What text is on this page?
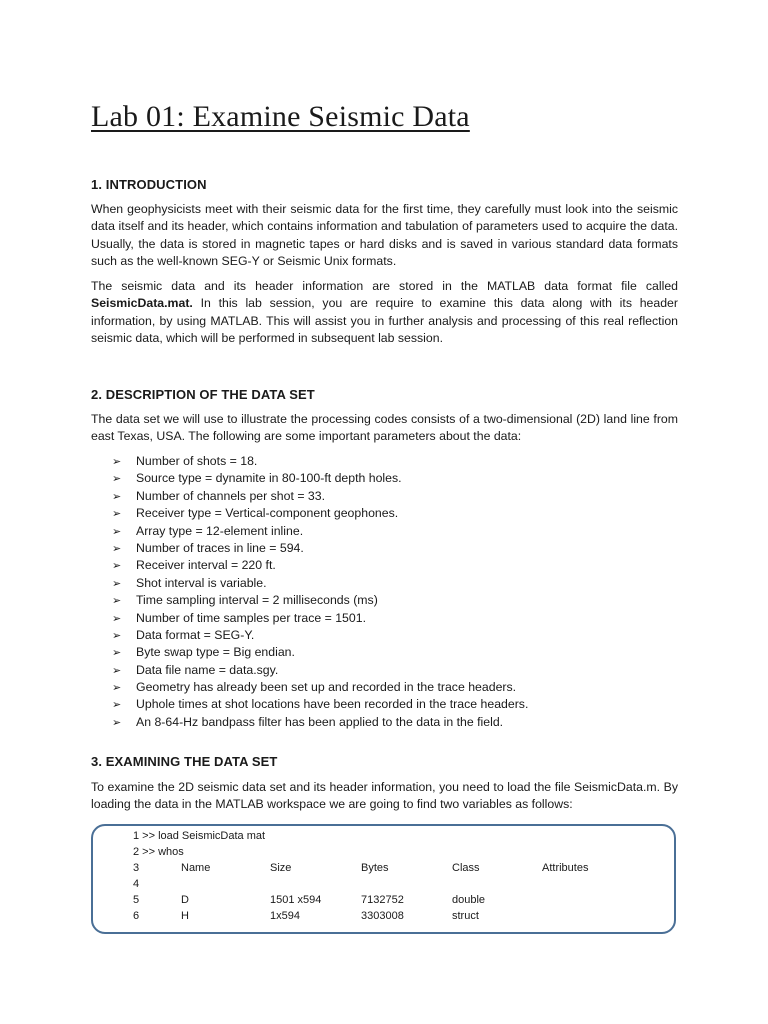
Lab 01: Examine Seismic Data
1. INTRODUCTION

When geophysicists meet with their seismic data for the first time, they carefully must look into the seismic data itself and its header, which contains information and tabulation of parameters used to acquire the data. Usually, the data is stored in magnetic tapes or hard disks and is saved in various standard data formats such as the well-known SEG-Y or Seismic Unix formats.

The seismic data and its header information are stored in the MATLAB data format file called SeismicData.mat. In this lab session, you are require to examine this data along with its header information, by using MATLAB. This will assist you in further analysis and processing of this real reflection seismic data, which will be performed in subsequent lab session.

2. DESCRIPTION OF THE DATA SET

The data set we will use to illustrate the processing codes consists of a two-dimensional (2D) land line from east Texas, USA. The following are some important parameters about the data:

➢ Number of shots = 18.
➢ Source type = dynamite in 80-100-ft depth holes.
➢ Number of channels per shot = 33.
➢ Receiver type = Vertical-component geophones.
➢ Array type = 12-element inline.
➢ Number of traces in line = 594.
➢ Receiver interval = 220 ft.
➢ Shot interval is variable.
➢ Time sampling interval = 2 milliseconds (ms)
➢ Number of time samples per trace = 1501.
➢ Data format = SEG-Y.
➢ Byte swap type = Big endian.
➢ Data file name = data.sgy.
➢ Geometry has already been set up and recorded in the trace headers.
➢ Uphole times at shot locations have been recorded in the trace headers.
➢ An 8-64-Hz bandpass filter has been applied to the data in the field.
3. EXAMINING THE DATA SET

To examine the 2D seismic data set and its header information, you need to load the file SeismicData.m. By loading the data in the MATLAB workspace we are going to find two variables as follows:

1 >> load SeismicData mat
2 >> whos
3	Name	Size	Bytes	Class	Attributes
4
5	D	1501 x594	7132752	double
6	H	1x594	3303008	struct
